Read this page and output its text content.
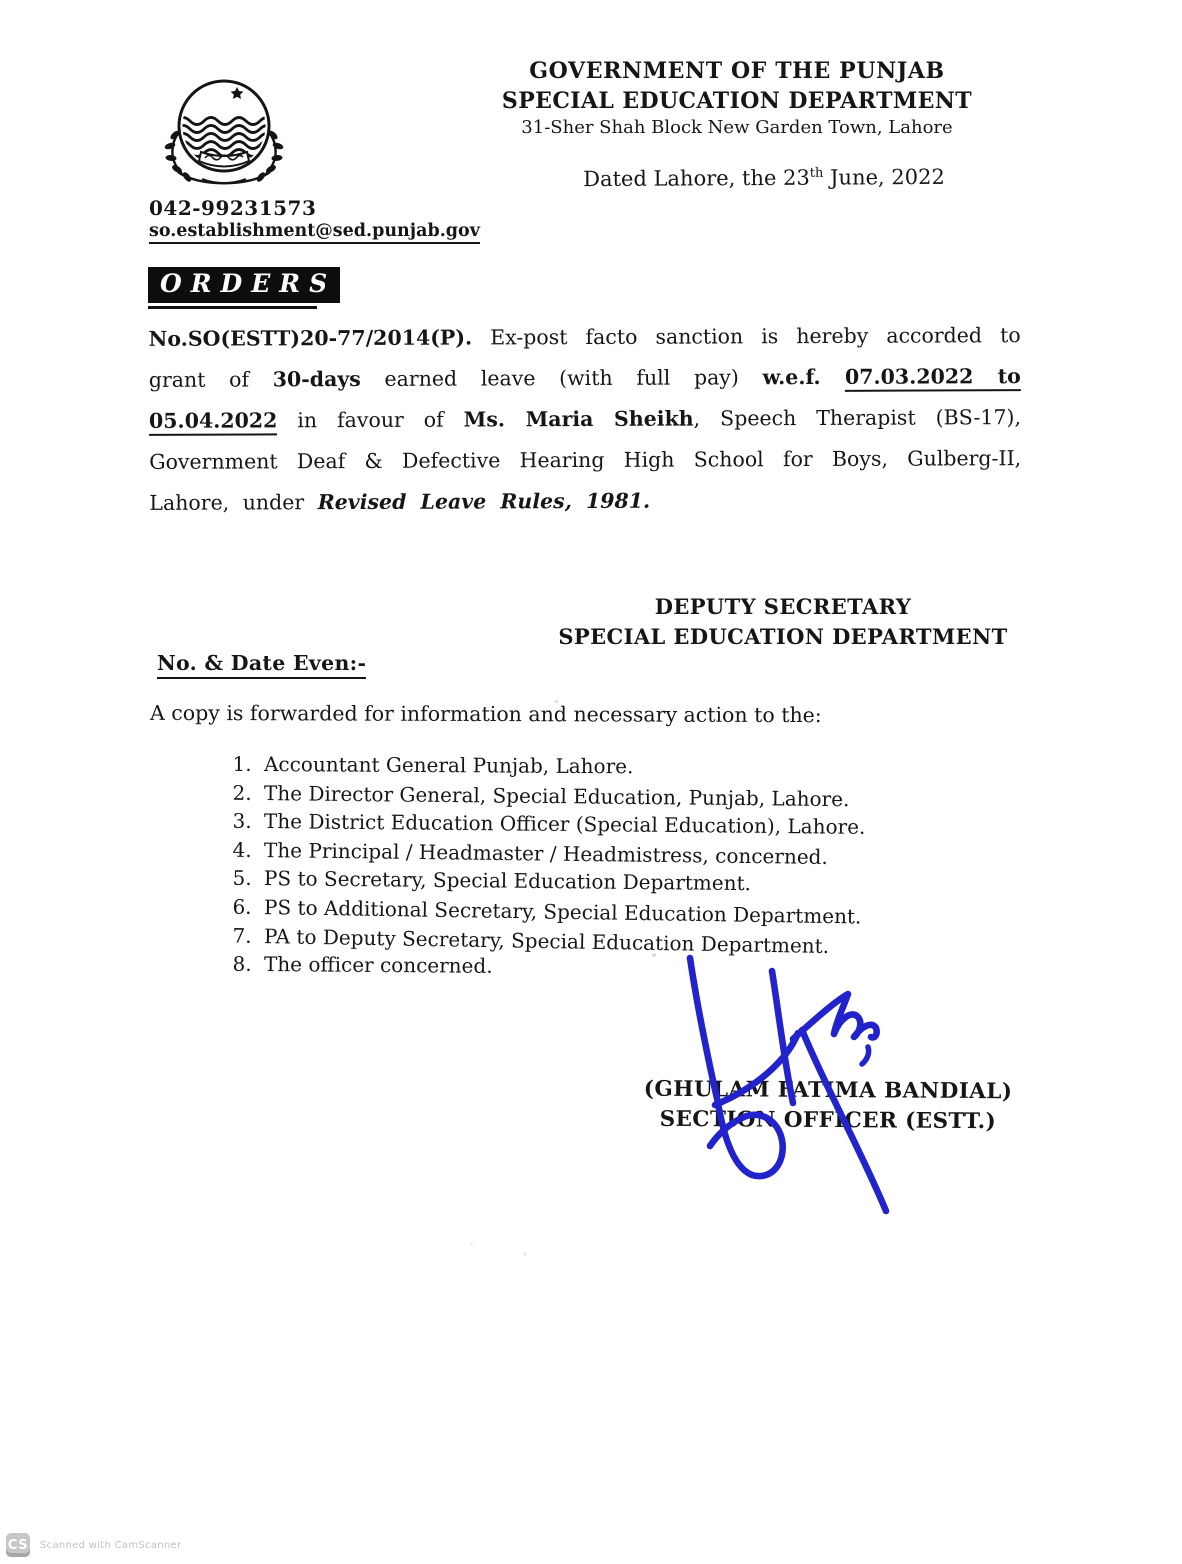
GOVERNMENT OF THE PUNJAB
SPECIAL EDUCATION DEPARTMENT
31-Sher Shah Block New Garden Town, Lahore
Dated Lahore, the 23th June, 2022
042-99231573
so.establishment@sed.punjab.gov
ORDERS

No.SO(ESTT)20-77/2014(P). Ex-post facto sanction is hereby accorded to grant of 30-days earned leave (with full pay) w.e.f. 07.03.2022 to 05.04.2022 in favour of Ms. Maria Sheikh, Speech Therapist (BS-17), Government Deaf & Defective Hearing High School for Boys, Gulberg-II, Lahore, under Revised Leave Rules, 1981.

DEPUTY SECRETARY
SPECIAL EDUCATION DEPARTMENT
No. & Date Even:-

A copy is forwarded for information and necessary action to the:

1. Accountant General Punjab, Lahore.
2. The Director General, Special Education, Punjab, Lahore.
3. The District Education Officer (Special Education), Lahore.
4. The Principal / Headmaster / Headmistress, concerned.
5. PS to Secretary, Special Education Department.
6. PS to Additional Secretary, Special Education Department.
7. PA to Deputy Secretary, Special Education Department.
8. The officer concerned.
(GHULAM FATIMA BANDIAL)
SECTION OFFICER (ESTT.)
CS Scanned with CamScanner
